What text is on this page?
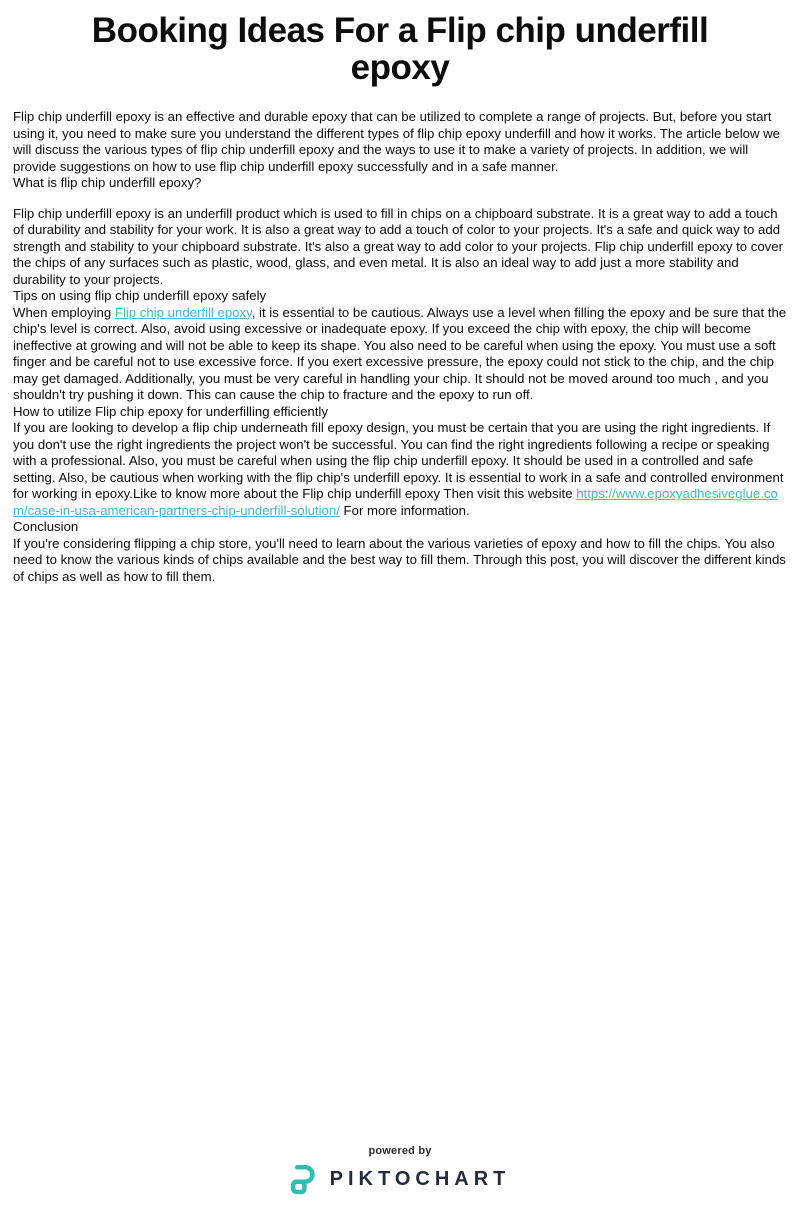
Booking Ideas For a Flip chip underfill epoxy

Flip chip underfill epoxy is an effective and durable epoxy that can be utilized to complete a range of projects. But, before you start using it, you need to make sure you understand the different types of flip chip epoxy underfill and how it works. The article below we will discuss the various types of flip chip underfill epoxy and the ways to use it to make a variety of projects. In addition, we will provide suggestions on how to use flip chip underfill epoxy successfully and in a safe manner.

What is flip chip underfill epoxy?

Flip chip underfill epoxy is an underfill product which is used to fill in chips on a chipboard substrate. It is a great way to add a touch of durability and stability for your work. It is also a great way to add a touch of color to your projects. It's a safe and quick way to add strength and stability to your chipboard substrate. It's also a great way to add color to your projects. Flip chip underfill epoxy to cover the chips of any surfaces such as plastic, wood, glass, and even metal. It is also an ideal way to add just a more stability and durability to your projects.

Tips on using flip chip underfill epoxy safely

When employing Flip chip underfill epoxy, it is essential to be cautious. Always use a level when filling the epoxy and be sure that the chip's level is correct. Also, avoid using excessive or inadequate epoxy. If you exceed the chip with epoxy, the chip will become ineffective at growing and will not be able to keep its shape. You also need to be careful when using the epoxy. You must use a soft finger and be careful not to use excessive force. If you exert excessive pressure, the epoxy could not stick to the chip, and the chip may get damaged. Additionally, you must be very careful in handling your chip. It should not be moved around too much , and you shouldn't try pushing it down. This can cause the chip to fracture and the epoxy to run off.

How to utilize Flip chip epoxy for underfilling efficiently

If you are looking to develop a flip chip underneath fill epoxy design, you must be certain that you are using the right ingredients. If you don't use the right ingredients the project won't be successful. You can find the right ingredients following a recipe or speaking with a professional. Also, you must be careful when using the flip chip underfill epoxy. It should be used in a controlled and safe setting. Also, be cautious when working with the flip chip's underfill epoxy. It is essential to work in a safe and controlled environment for working in epoxy.Like to know more about the Flip chip underfill epoxy Then visit this website https://www.epoxyadhesiveglue.com/case-in-usa-american-partners-chip-underfill-solution/ For more information.

Conclusion

If you're considering flipping a chip store, you'll need to learn about the various varieties of epoxy and how to fill the chips. You also need to know the various kinds of chips available and the best way to fill them. Through this post, you will discover the different kinds of chips as well as how to fill them.

powered by
PIKTOCHART
